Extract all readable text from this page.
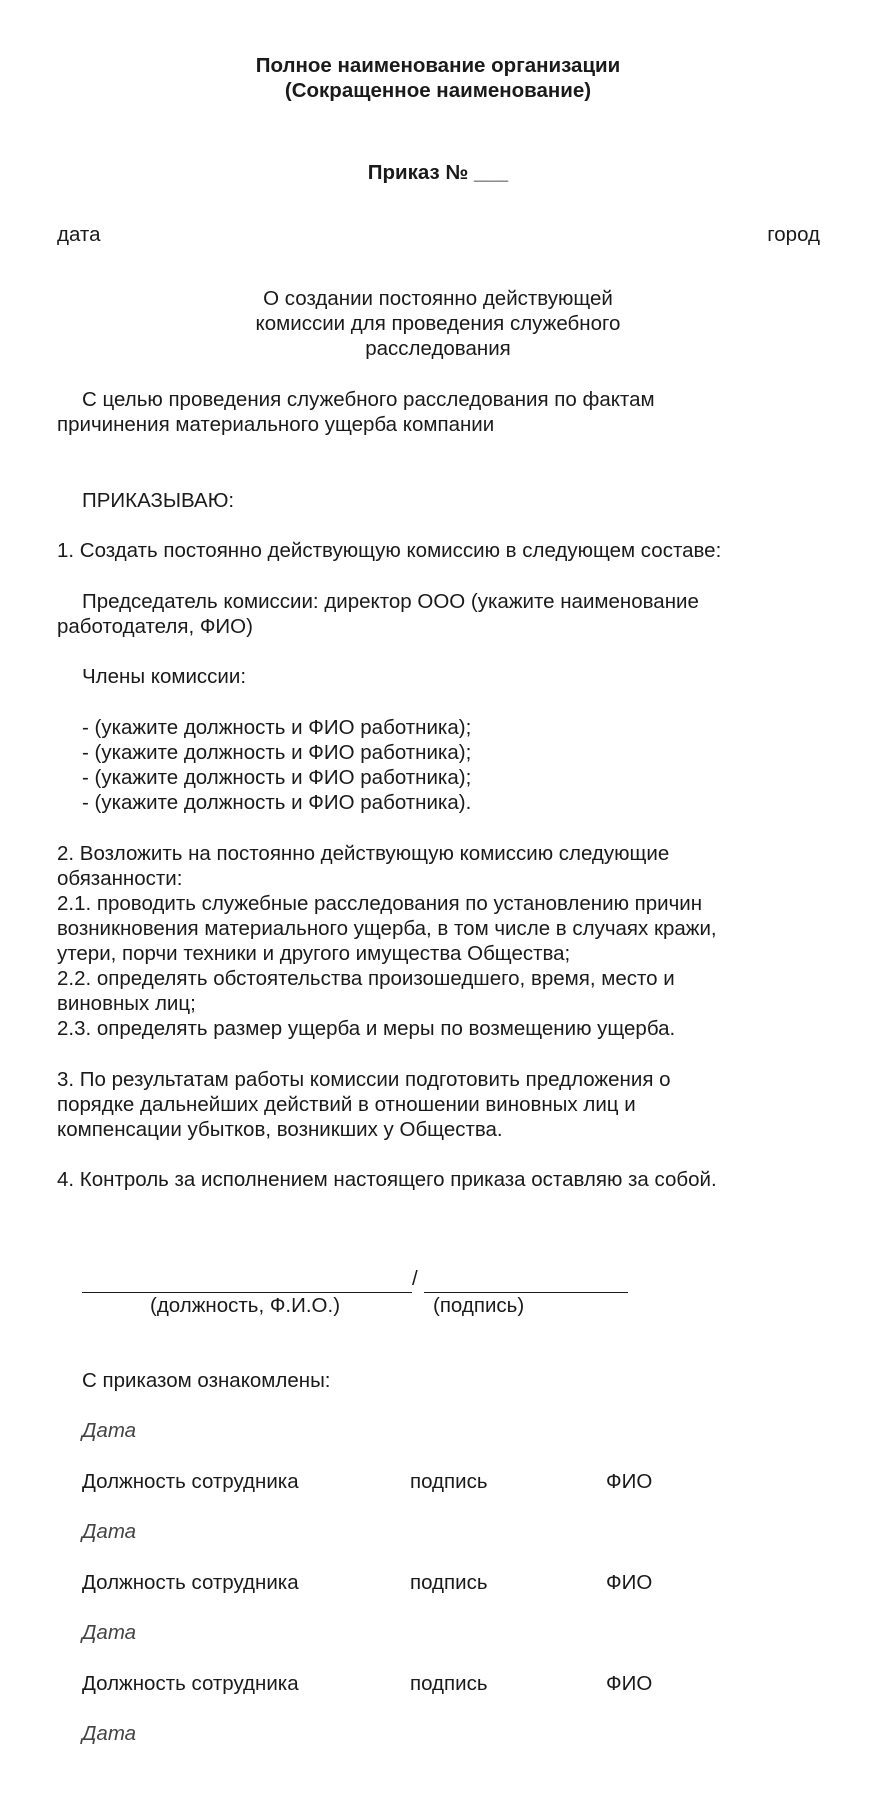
Полное наименование организации
(Сокращенное наименование)
Приказ № ___
дата	город
О создании постоянно действующей
комиссии для проведения служебного
расследования
С целью проведения служебного расследования по фактам
причинения материального ущерба компании
ПРИКАЗЫВАЮ:
1. Создать постоянно действующую комиссию в следующем составе:
Председатель комиссии: директор ООО (укажите наименование
работодателя, ФИО)
Члены комиссии:
- (укажите должность и ФИО работника);
- (укажите должность и ФИО работника);
- (укажите должность и ФИО работника);
- (укажите должность и ФИО работника).
2. Возложить на постоянно действующую комиссию следующие
обязанности:
2.1. проводить служебные расследования по установлению причин
возникновения материального ущерба, в том числе в случаях кражи,
утери, порчи техники и другого имущества Общества;
2.2. определять обстоятельства произошедшего, время, место и
виновных лиц;
2.3. определять размер ущерба и меры по возмещению ущерба.
3. По результатам работы комиссии подготовить предложения о
порядке дальнейших действий в отношении виновных лиц и
компенсации убытков, возникших у Общества.
4. Контроль за исполнением настоящего приказа оставляю за собой.
/
(должность, Ф.И.О.)	(подпись)
С приказом ознакомлены:
Дата
Должность сотрудника	подпись	ФИО
Дата
Должность сотрудника	подпись	ФИО
Дата
Должность сотрудника	подпись	ФИО
Дата
